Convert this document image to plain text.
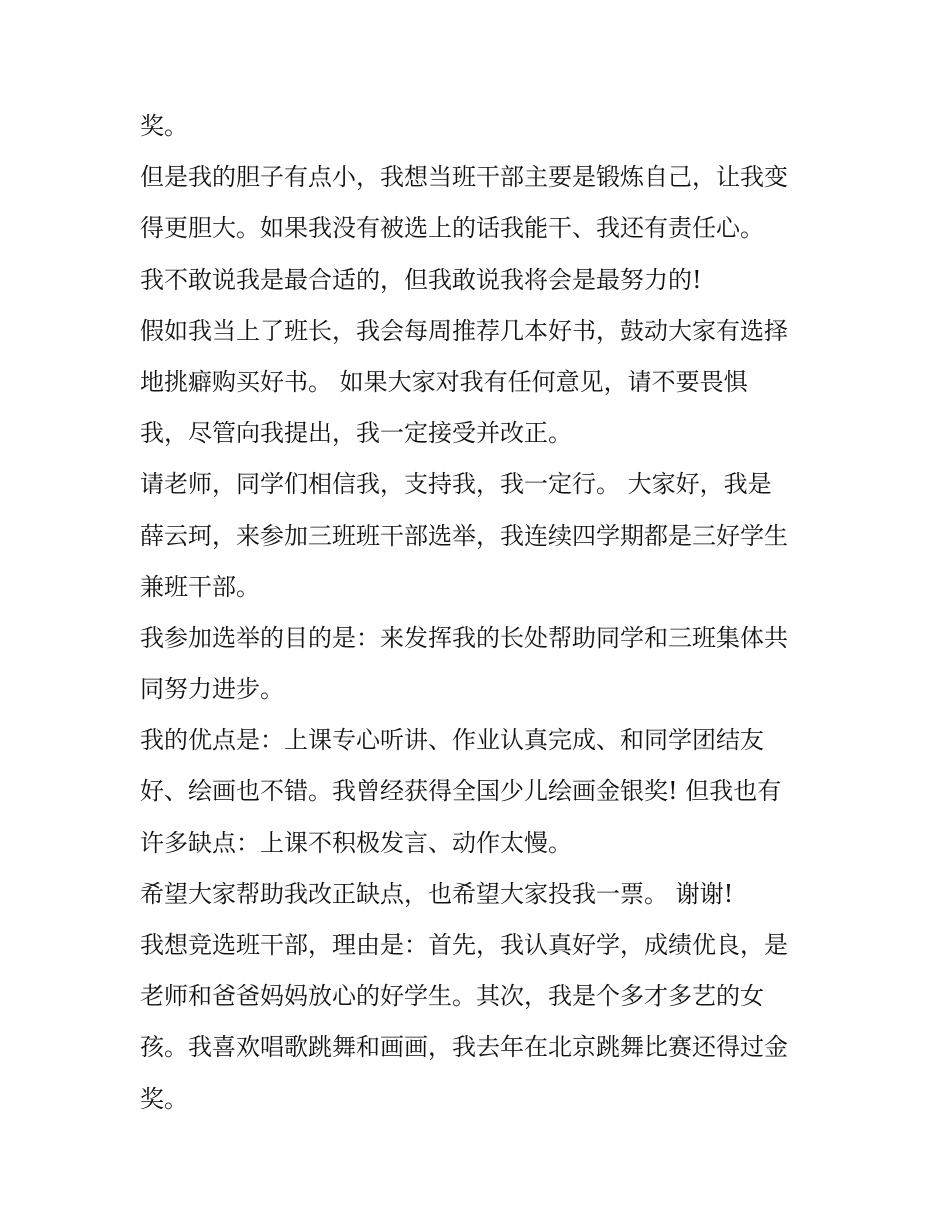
奖。
但是我的胆子有点小，我想当班干部主要是锻炼自己，让我变
得更胆大。如果我没有被选上的话我能干、我还有责任心。
我不敢说我是最合适的，但我敢说我将会是最努力的!
假如我当上了班长，我会每周推荐几本好书，鼓动大家有选择
地挑癖购买好书。 如果大家对我有任何意见，请不要畏惧
我，尽管向我提出，我一定接受并改正。
请老师，同学们相信我，支持我，我一定行。 大家好，我是
薛云珂，来参加三班班干部选举，我连续四学期都是三好学生
兼班干部。
我参加选举的目的是：来发挥我的长处帮助同学和三班集体共
同努力进步。
我的优点是：上课专心听讲、作业认真完成、和同学团结友
好、绘画也不错。我曾经获得全国少儿绘画金银奖! 但我也有
许多缺点：上课不积极发言、动作太慢。
希望大家帮助我改正缺点，也希望大家投我一票。 谢谢!
我想竞选班干部，理由是：首先，我认真好学，成绩优良，是
老师和爸爸妈妈放心的好学生。其次，我是个多才多艺的女
孩。我喜欢唱歌跳舞和画画，我去年在北京跳舞比赛还得过金
奖。
